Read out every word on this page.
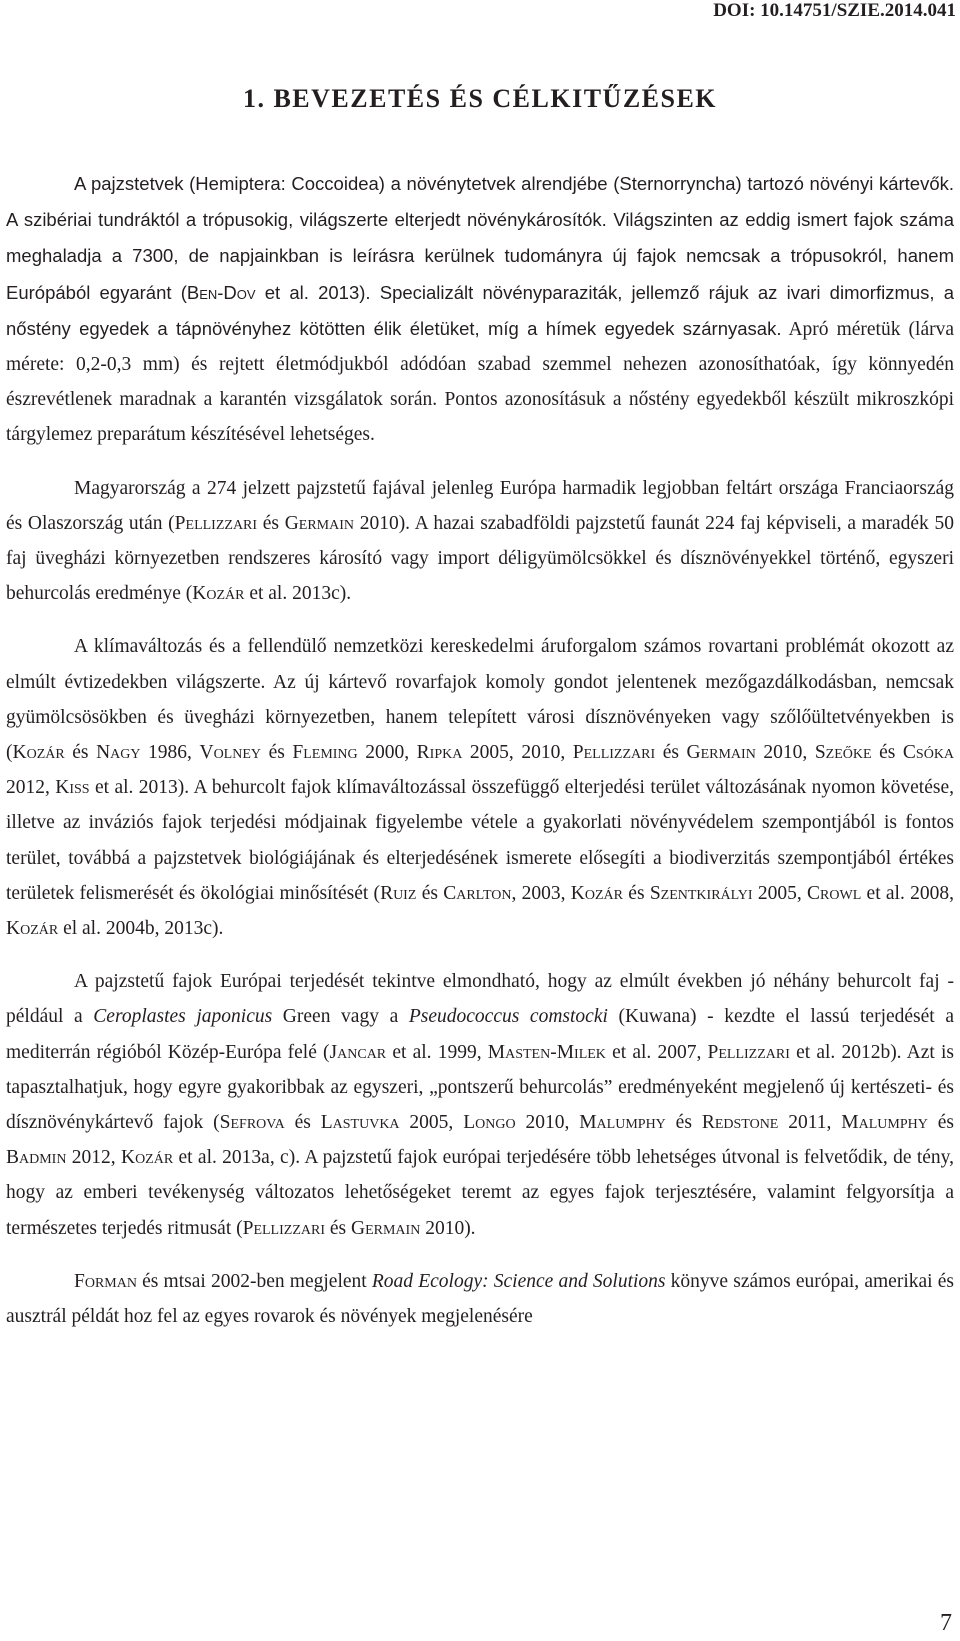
DOI: 10.14751/SZIE.2014.041
1. BEVEZETÉS ÉS CÉLKITŰZÉSEK

A pajzstetvek (Hemiptera: Coccoidea) a növénytetvek alrendjébe (Sternorryncha) tartozó növényi kártevők. A szibériai tundráktól a trópusokig, világszerte elterjedt növénykárosítók. Világszinten az eddig ismert fajok száma meghaladja a 7300, de napjainkban is leírásra kerülnek tudományra új fajok nemcsak a trópusokról, hanem Európából egyaránt (Ben-Dov et al. 2013). Specializált növényparaziták, jellemző rájuk az ivari dimorfizmus, a nőstény egyedek a tápnövényhez kötötten élik életüket, míg a hímek egyedek szárnyasak. Apró méretük (lárva mérete: 0,2-0,3 mm) és rejtett életmódjukból adódóan szabad szemmel nehezen azonosíthatóak, így könnyedén észrevétlenek maradnak a karantén vizsgálatok során. Pontos azonosításuk a nőstény egyedekből készült mikroszkópi tárgylemez preparátum készítésével lehetséges.

Magyarország a 274 jelzett pajzstetű fajával jelenleg Európa harmadik legjobban feltárt országa Franciaország és Olaszország után (Pellizzari és Germain 2010). A hazai szabadföldi pajzstetű faunát 224 faj képviseli, a maradék 50 faj üvegházi környezetben rendszeres károsító vagy import déligyümölcsökkel és dísznövényekkel történő, egyszeri behurcolás eredménye (Kozár et al. 2013c).

A klímaváltozás és a fellendülő nemzetközi kereskedelmi áruforgalom számos rovartani problémát okozott az elmúlt évtizedekben világszerte. Az új kártevő rovarfajok komoly gondot jelentenek mezőgazdálkodásban, nemcsak gyümölcsösökben és üvegházi környezetben, hanem telepített városi dísznövényeken vagy szőlőültetvényekben is (Kozár és Nagy 1986, Volney és Fleming 2000, Ripka 2005, 2010, Pellizzari és Germain 2010, Szeőke és Csóka 2012, Kiss et al. 2013). A behurcolt fajok klímaváltozással összefüggő elterjedési terület változásának nyomon követése, illetve az inváziós fajok terjedési módjainak figyelembe vétele a gyakorlati növényvédelem szempontjából is fontos terület, továbbá a pajzstetvek biológiájának és elterjedésének ismerete elősegíti a biodiverzitás szempontjából értékes területek felismerését és ökológiai minősítését (Ruiz és Carlton, 2003, Kozár és Szentkirályi 2005, Crowl et al. 2008, Kozár el al. 2004b, 2013c).

A pajzstetű fajok Európai terjedését tekintve elmondható, hogy az elmúlt években jó néhány behurcolt faj - például a Ceroplastes japonicus Green vagy a Pseudococcus comstocki (Kuwana) - kezdte el lassú terjedését a mediterrán régióból Közép-Európa felé (Jancar et al. 1999, Masten-Milek et al. 2007, Pellizzari et al. 2012b). Azt is tapasztalhatjuk, hogy egyre gyakoribbak az egyszeri, „pontszerű behurcolás” eredményeként megjelenő új kertészeti- és dísznövénykártevő fajok (Sefrova és Lastuvka 2005, Longo 2010, Malumphy és Redstone 2011, Malumphy és Badmin 2012, Kozár et al. 2013a, c). A pajzstetű fajok európai terjedésére több lehetséges útvonal is felvetődik, de tény, hogy az emberi tevékenység változatos lehetőségeket teremt az egyes fajok terjesztésére, valamint felgyorsítja a természetes terjedés ritmusát (Pellizzari és Germain 2010).

Forman és mtsai 2002-ben megjelent Road Ecology: Science and Solutions könyve számos európai, amerikai és ausztrál példát hoz fel az egyes rovarok és növények megjelenésére

7
